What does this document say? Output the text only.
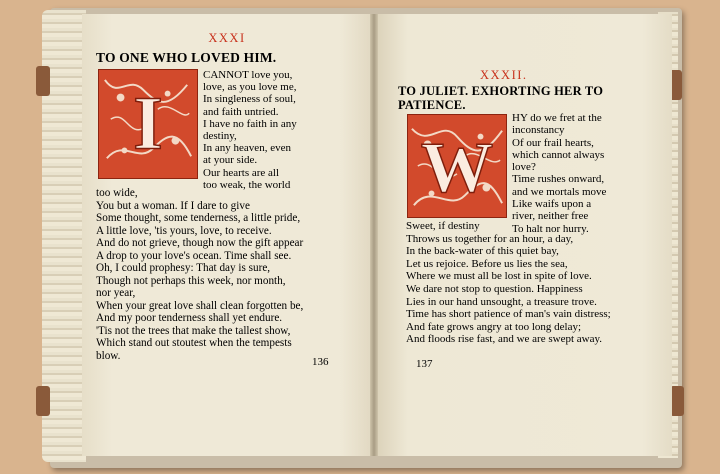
XXXI
TO ONE WHO LOVED HIM.
I
CANNOT love you,
love, as you love me,
In singleness of soul,
and faith untried.
I have no faith in any
destiny,
In any heaven, even
at your side.
Our hearts are all
too weak, the world
too wide,
You but a woman. If I dare to give
Some thought, some tenderness, a little pride,
A little love, 'tis yours, love, to receive.
And do not grieve, though now the gift appear
A drop to your love's ocean. Time shall see.
Oh, I could prophesy: That day is sure,
Though not perhaps this week, nor month,
nor year,
When your great love shall clean forgotten be,
And my poor tenderness shall yet endure.
'Tis not the trees that make the tallest show,
Which stand out stoutest when the tempests
blow.
136
XXXII.
TO JULIET. EXHORTING HER TO
PATIENCE.
W
HY do we fret at the
inconstancy
Of our frail hearts,
which cannot always
love?
Time rushes onward,
and we mortals move
Like waifs upon a
river, neither free
To halt nor hurry.
Sweet, if destiny
Throws us together for an hour, a day,
In the back-water of this quiet bay,
Let us rejoice. Before us lies the sea,
Where we must all be lost in spite of love.
We dare not stop to question. Happiness
Lies in our hand unsought, a treasure trove.
Time has short patience of man's vain distress;
And fate grows angry at too long delay;
And floods rise fast, and we are swept away.
137
